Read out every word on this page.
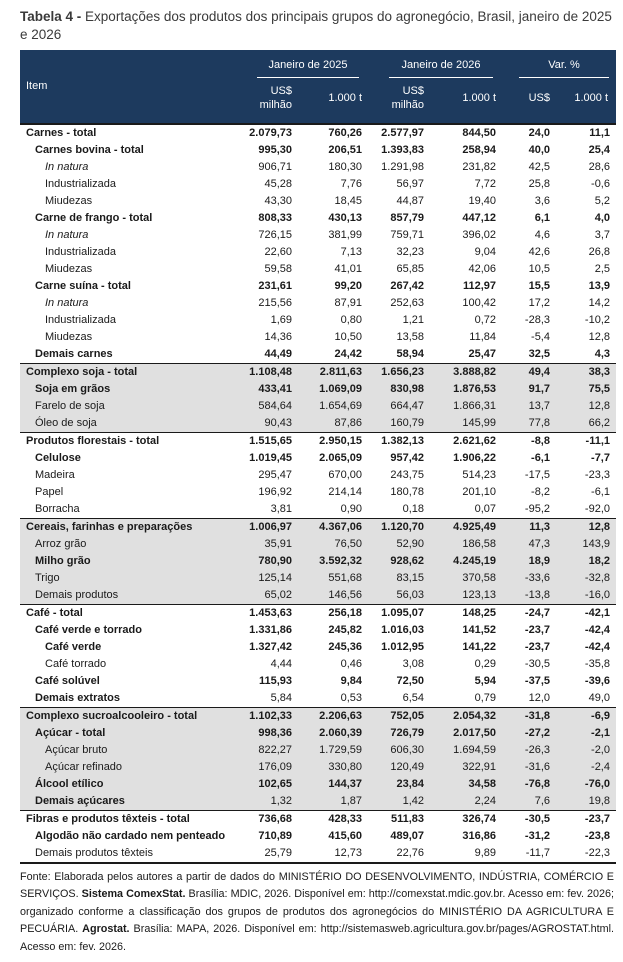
Tabela 4 - Exportações dos produtos dos principais grupos do agronegócio, Brasil, janeiro de 2025 e 2026
Item	Janeiro de 2025		Janeiro de 2026		Var. %	

	US$ milhão	1.000 t	US$ milhão	1.000 t	US$	1.000 t
Carnes - total	2.079,73	760,26	2.577,97	844,50	24,0	11,1
Carnes bovina - total	995,30	206,51	1.393,83	258,94	40,0	25,4
In natura	906,71	180,30	1.291,98	231,82	42,5	28,6
Industrializada	45,28	7,76	56,97	7,72	25,8	-0,6
Miudezas	43,30	18,45	44,87	19,40	3,6	5,2
Carne de frango - total	808,33	430,13	857,79	447,12	6,1	4,0
In natura	726,15	381,99	759,71	396,02	4,6	3,7
Industrializada	22,60	7,13	32,23	9,04	42,6	26,8
Miudezas	59,58	41,01	65,85	42,06	10,5	2,5
Carne suína - total	231,61	99,20	267,42	112,97	15,5	13,9
In natura	215,56	87,91	252,63	100,42	17,2	14,2
Industrializada	1,69	0,80	1,21	0,72	-28,3	-10,2
Miudezas	14,36	10,50	13,58	11,84	-5,4	12,8
Demais carnes	44,49	24,42	58,94	25,47	32,5	4,3
Complexo soja - total	1.108,48	2.811,63	1.656,23	3.888,82	49,4	38,3
Soja em grãos	433,41	1.069,09	830,98	1.876,53	91,7	75,5
Farelo de soja	584,64	1.654,69	664,47	1.866,31	13,7	12,8
Óleo de soja	90,43	87,86	160,79	145,99	77,8	66,2
Produtos florestais - total	1.515,65	2.950,15	1.382,13	2.621,62	-8,8	-11,1
Celulose	1.019,45	2.065,09	957,42	1.906,22	-6,1	-7,7
Madeira	295,47	670,00	243,75	514,23	-17,5	-23,3
Papel	196,92	214,14	180,78	201,10	-8,2	-6,1
Borracha	3,81	0,90	0,18	0,07	-95,2	-92,0
Cereais, farinhas e preparações	1.006,97	4.367,06	1.120,70	4.925,49	11,3	12,8
Arroz grão	35,91	76,50	52,90	186,58	47,3	143,9
Milho grão	780,90	3.592,32	928,62	4.245,19	18,9	18,2
Trigo	125,14	551,68	83,15	370,58	-33,6	-32,8
Demais produtos	65,02	146,56	56,03	123,13	-13,8	-16,0
Café - total	1.453,63	256,18	1.095,07	148,25	-24,7	-42,1
Café verde e torrado	1.331,86	245,82	1.016,03	141,52	-23,7	-42,4
Café verde	1.327,42	245,36	1.012,95	141,22	-23,7	-42,4
Café torrado	4,44	0,46	3,08	0,29	-30,5	-35,8
Café solúvel	115,93	9,84	72,50	5,94	-37,5	-39,6
Demais extratos	5,84	0,53	6,54	0,79	12,0	49,0
Complexo sucroalcooleiro - total	1.102,33	2.206,63	752,05	2.054,32	-31,8	-6,9
Açúcar - total	998,36	2.060,39	726,79	2.017,50	-27,2	-2,1
Açúcar bruto	822,27	1.729,59	606,30	1.694,59	-26,3	-2,0
Açúcar refinado	176,09	330,80	120,49	322,91	-31,6	-2,4
Álcool etílico	102,65	144,37	23,84	34,58	-76,8	-76,0
Demais açúcares	1,32	1,87	1,42	2,24	7,6	19,8
Fibras e produtos têxteis - total	736,68	428,33	511,83	326,74	-30,5	-23,7
Algodão não cardado nem penteado	710,89	415,60	489,07	316,86	-31,2	-23,8
Demais produtos têxteis	25,79	12,73	22,76	9,89	-11,7	-22,3
Fonte: Elaborada pelos autores a partir de dados do MINISTÉRIO DO DESENVOLVIMENTO, INDÚSTRIA, COMÉRCIO E SERVIÇOS. Sistema ComexStat. Brasília: MDIC, 2026. Disponível em: http://comexstat.mdic.gov.br. Acesso em: fev. 2026; organizado conforme a classificação dos grupos de produtos dos agronegócios do MINISTÉRIO DA AGRICULTURA E PECUÁRIA. Agrostat. Brasília: MAPA, 2026. Disponível em: http://sistemasweb.agricultura.gov.br/pages/AGROSTAT.html. Acesso em: fev. 2026.
